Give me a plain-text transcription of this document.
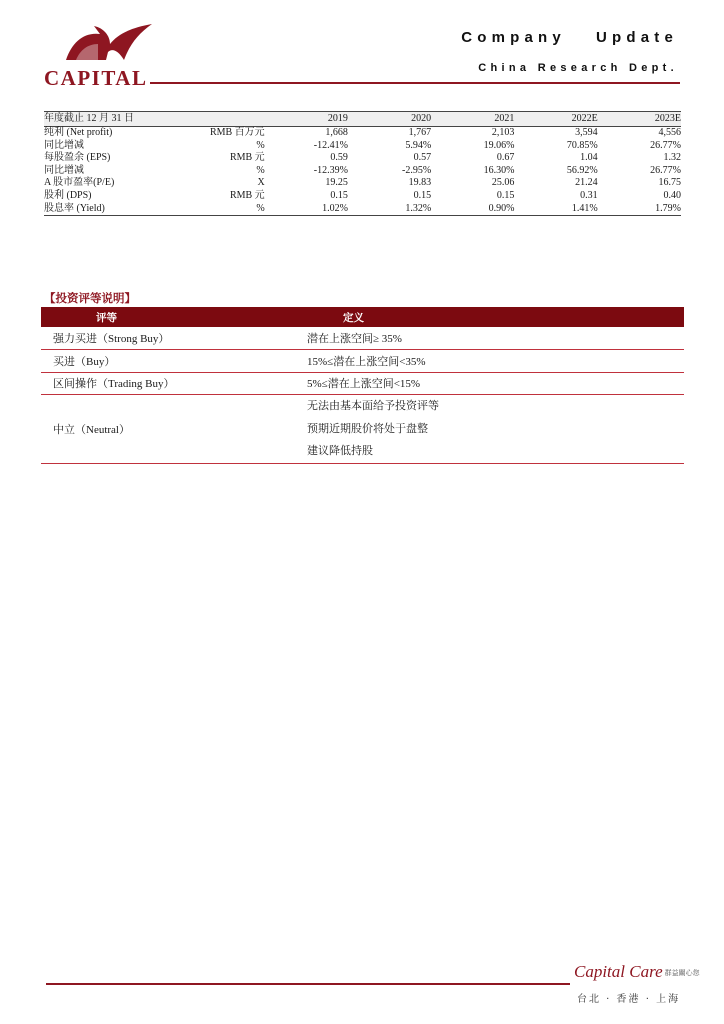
CAPITAL
Company Update
China Research Dept.
年度截止 12 月 31 日		2019	2020	2021	2022E	2023E
纯利 (Net profit)	RMB 百万元	1,668	1,767	2,103	3,594	4,556
同比增减	%	-12.41%	5.94%	19.06%	70.85%	26.77%
每股盈余 (EPS)	RMB 元	0.59	0.57	0.67	1.04	1.32
同比增减	%	-12.39%	-2.95%	16.30%	56.92%	26.77%
A 股市盈率(P/E)	X	19.25	19.83	25.06	21.24	16.75
股利 (DPS)	RMB 元	0.15	0.15	0.15	0.31	0.40
股息率 (Yield)	%	1.02%	1.32%	0.90%	1.41%	1.79%
【投资评等说明】
评等	定义
强力买进（Strong Buy）	潜在上涨空间≥ 35%
买进（Buy）	15%≤潜在上涨空间<35%
区间操作（Trading Buy）	5%≤潜在上涨空间<15%
中立（Neutral）	无法由基本面给予投资评等
预期近期股价将处于盘整
建议降低持股
Capital Care 群益關心您
台北 · 香港 · 上海
